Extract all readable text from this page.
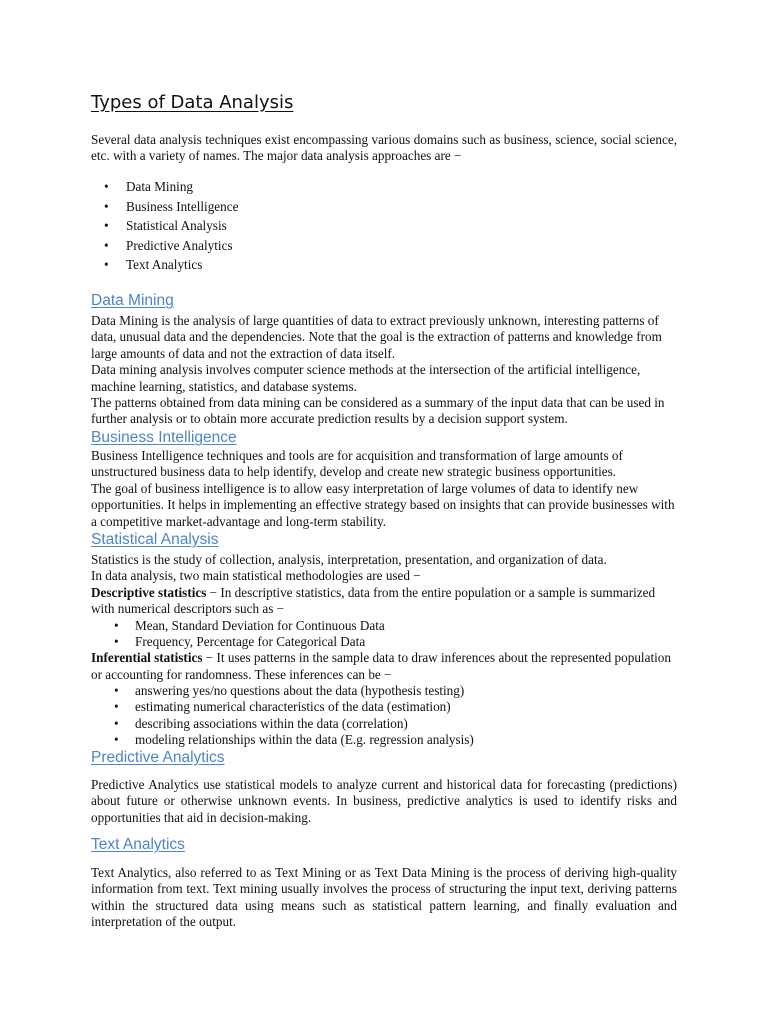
Types of Data Analysis

Several data analysis techniques exist encompassing various domains such as business, science, social science, etc. with a variety of names. The major data analysis approaches are −

• Data Mining
• Business Intelligence
• Statistical Analysis
• Predictive Analytics
• Text Analytics
Data Mining

Data Mining is the analysis of large quantities of data to extract previously unknown, interesting patterns of data, unusual data and the dependencies. Note that the goal is the extraction of patterns and knowledge from large amounts of data and not the extraction of data itself.

Data mining analysis involves computer science methods at the intersection of the artificial intelligence, machine learning, statistics, and database systems.

The patterns obtained from data mining can be considered as a summary of the input data that can be used in further analysis or to obtain more accurate prediction results by a decision support system.

Business Intelligence

Business Intelligence techniques and tools are for acquisition and transformation of large amounts of unstructured business data to help identify, develop and create new strategic business opportunities.

The goal of business intelligence is to allow easy interpretation of large volumes of data to identify new opportunities. It helps in implementing an effective strategy based on insights that can provide businesses with a competitive market-advantage and long-term stability.

Statistical Analysis

Statistics is the study of collection, analysis, interpretation, presentation, and organization of data.

In data analysis, two main statistical methodologies are used −

Descriptive statistics − In descriptive statistics, data from the entire population or a sample is summarized with numerical descriptors such as −

• Mean, Standard Deviation for Continuous Data
• Frequency, Percentage for Categorical Data

Inferential statistics − It uses patterns in the sample data to draw inferences about the represented population or accounting for randomness. These inferences can be −

• answering yes/no questions about the data (hypothesis testing)
• estimating numerical characteristics of the data (estimation)
• describing associations within the data (correlation)
• modeling relationships within the data (E.g. regression analysis)
Predictive Analytics

Predictive Analytics use statistical models to analyze current and historical data for forecasting (predictions) about future or otherwise unknown events. In business, predictive analytics is used to identify risks and opportunities that aid in decision-making.

Text Analytics

Text Analytics, also referred to as Text Mining or as Text Data Mining is the process of deriving high-quality information from text. Text mining usually involves the process of structuring the input text, deriving patterns within the structured data using means such as statistical pattern learning, and finally evaluation and interpretation of the output.
